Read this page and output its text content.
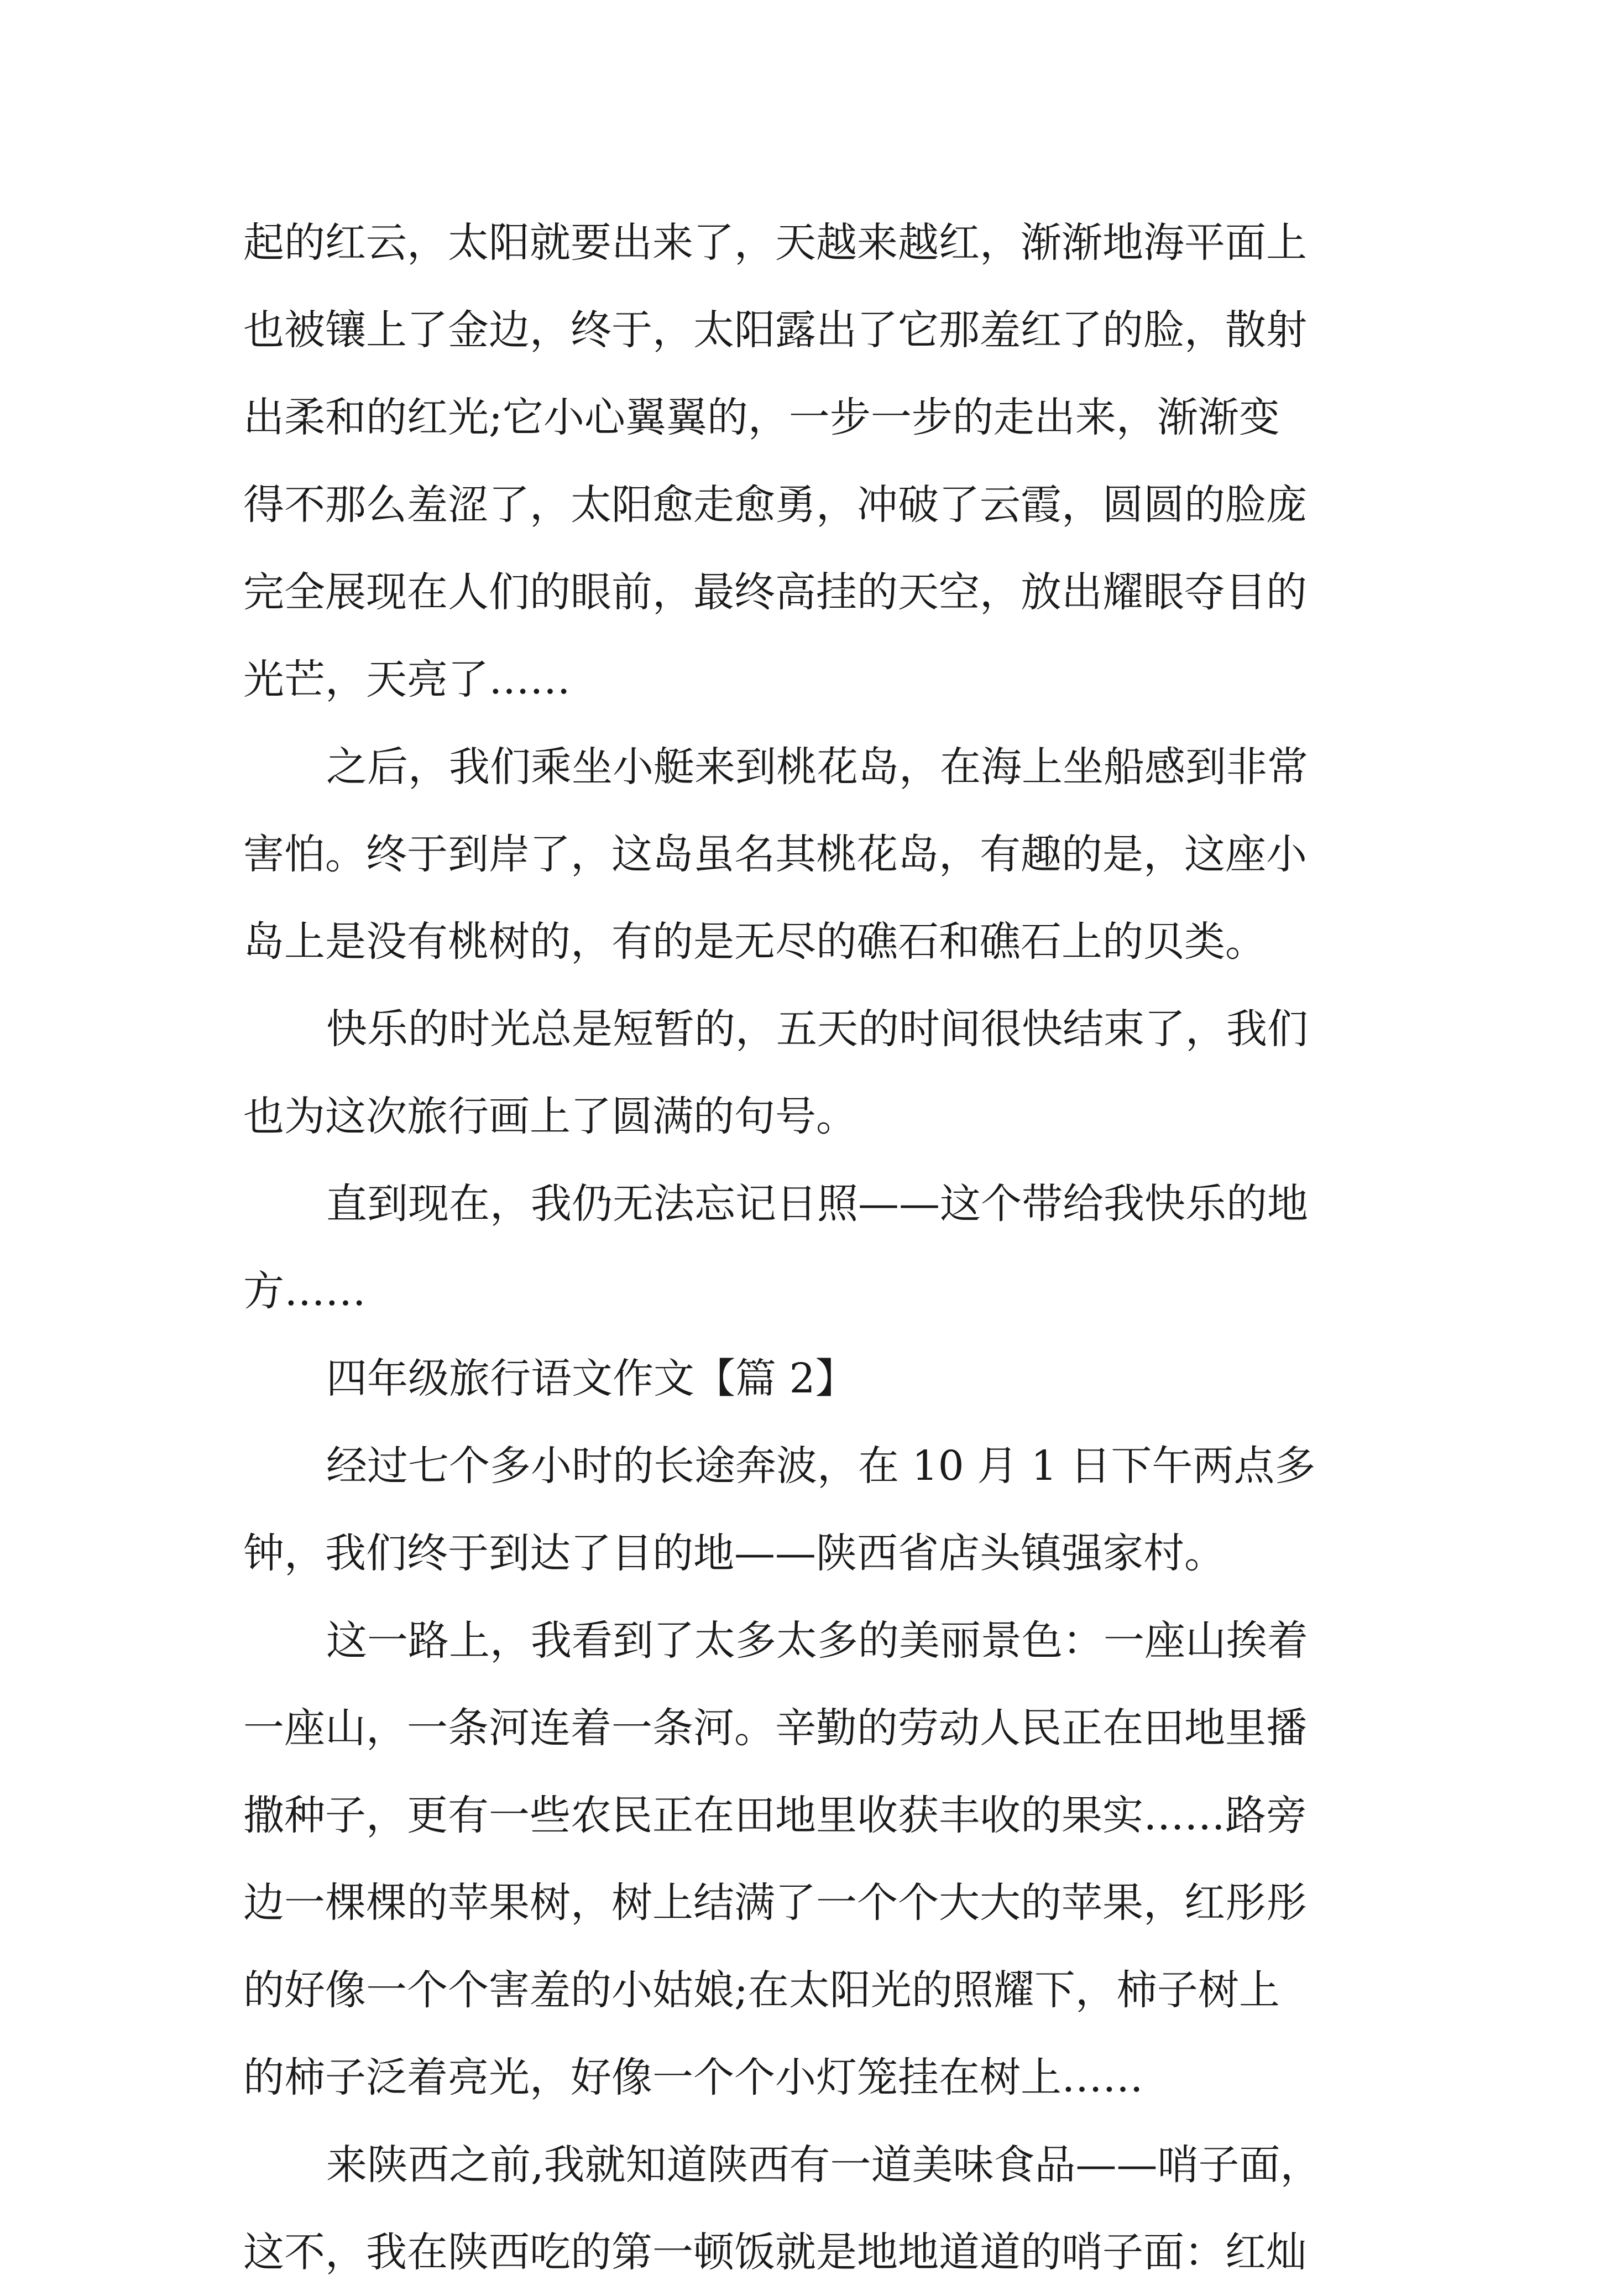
起的红云，太阳就要出来了，天越来越红，渐渐地海平面上
也被镶上了金边，终于，太阳露出了它那羞红了的脸，散射
出柔和的红光;它小心翼翼的，一步一步的走出来，渐渐变
得不那么羞涩了，太阳愈走愈勇，冲破了云霞，圆圆的脸庞
完全展现在人们的眼前，最终高挂的天空，放出耀眼夺目的
光芒，天亮了……
之后，我们乘坐小艇来到桃花岛，在海上坐船感到非常
害怕。终于到岸了，这岛虽名其桃花岛，有趣的是，这座小
岛上是没有桃树的，有的是无尽的礁石和礁石上的贝类。
快乐的时光总是短暂的，五天的时间很快结束了，我们
也为这次旅行画上了圆满的句号。
直到现在，我仍无法忘记日照——这个带给我快乐的地
方……
四年级旅行语文作文【篇 2】
经过七个多小时的长途奔波，在 10 月 1 日下午两点多
钟，我们终于到达了目的地——陕西省店头镇强家村。
这一路上，我看到了太多太多的美丽景色：一座山挨着
一座山，一条河连着一条河。辛勤的劳动人民正在田地里播
撒种子，更有一些农民正在田地里收获丰收的果实……路旁
边一棵棵的苹果树，树上结满了一个个大大的苹果，红彤彤
的好像一个个害羞的小姑娘;在太阳光的照耀下，柿子树上
的柿子泛着亮光，好像一个个小灯笼挂在树上……
来陕西之前,我就知道陕西有一道美味食品——哨子面，
这不，我在陕西吃的第一顿饭就是地地道道的哨子面：红灿
